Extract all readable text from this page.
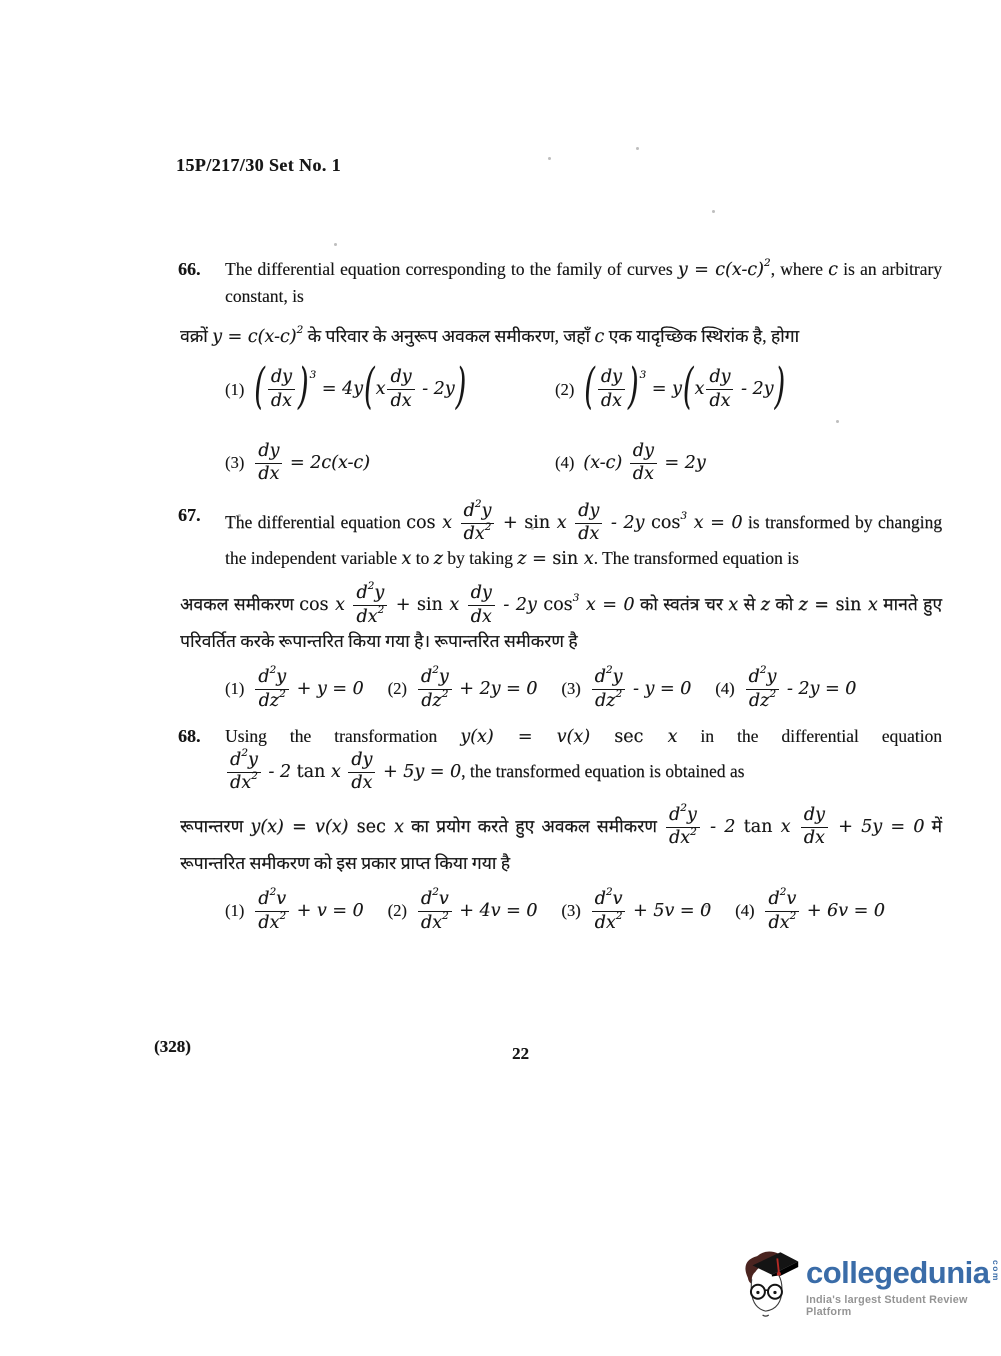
15P/217/30 Set No. 1
66.	The differential equation corresponding to the family of curves $y = c(x-c)^2$, where c is an arbitrary constant, is

वक्रों $y = c(x-c)^2$ के परिवार के अनुरूप अवकल समीकरण, जहाँ c एक यादृच्छिक स्थिरांक है, होगा

(1) ( $\frac{dy}{dx} )^3 = 4y(x \frac{dy}{dx} - 2y)$	(2) ( $\frac{dy}{dx} )^3 = y(x \frac{dy}{dx} - 2y)$
$(3) \frac{dy}{dx} = 2c(x-c)$	(4) $(x-c) \frac{dy}{dx} = 2y$
67.	The differential equation cos x $\frac{d^2y}{dx^2} + \sin x \frac{dy}{dx} - 2y$ $\cos^3 x = 0$ is transformed by changing the independent variable x to z by taking z = sin x. The transformed equation is

अवकल समीकरण cos x $\frac{d^2y}{dx^2} + \sin x \frac{dy}{dx} - 2y$ $\cos^3 x = 0$ को स्वतंत्र चर x से z को z = sin x मानते हुए परिवर्तित करके रूपान्तरित किया गया है। रूपान्तरित समीकरण है

$(1) \frac{d^2y}{dz^2} + y = 0$ $(2) \frac{d^2y}{dz^2} + 2y = 0$ $(3) \frac{d^2y}{dz^2} - y = 0$ $(4) \frac{d^2y}{dz^2} - 2y = 0$
68.	Using the transformation y(x) = v(x) sec x in the differential equation
$\frac{d^2y}{dx^2} - 2$ tan x $\frac{dy}{dx} + 5y = 0$, the transformed equation is obtained as

रूपान्तरण y(x) = v(x) sec x का प्रयोग करते हुए अवकल समीकरण $\frac{d^2y}{dx^2} - 2$ tan x $\frac{dy}{dx} + 5y = 0$ में रूपान्तरित समीकरण को इस प्रकार प्राप्त किया गया है

$(1) \frac{d^2v}{dx^2} + v = 0$ $(2) \frac{d^2v}{dx^2} + 4v = 0$ $(3) \frac{d^2v}{dx^2} + 5v = 0$ $(4) \frac{d^2v}{dx^2} + 6v = 0$
(328)	22
collegedunia com
India's largest Student Review Platform
